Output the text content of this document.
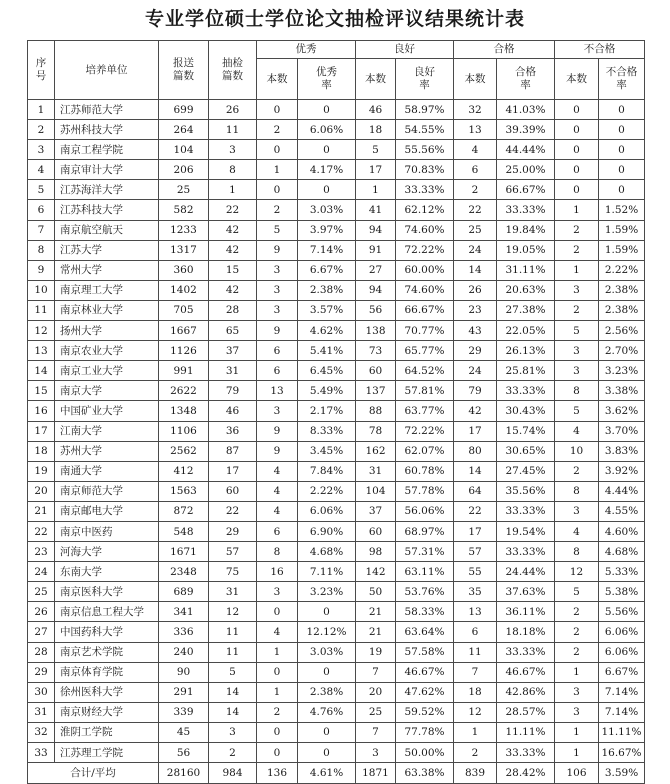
专业学位硕士学位论文抽检评议结果统计表
序号	培养单位	报送篇数	抽检篇数	优秀		良好		合格		不合格	
				本数	优秀率	本数	良好率	本数	合格率	本数	不合格率
1	江苏师范大学	699	26	0	0	46	58.97%	32	41.03%	0	0
2	苏州科技大学	264	11	2	6.06%	18	54.55%	13	39.39%	0	0
3	南京工程学院	104	3	0	0	5	55.56%	4	44.44%	0	0
4	南京审计大学	206	8	1	4.17%	17	70.83%	6	25.00%	0	0
5	江苏海洋大学	25	1	0	0	1	33.33%	2	66.67%	0	0
6	江苏科技大学	582	22	2	3.03%	41	62.12%	22	33.33%	1	1.52%
7	南京航空航天	1233	42	5	3.97%	94	74.60%	25	19.84%	2	1.59%
8	江苏大学	1317	42	9	7.14%	91	72.22%	24	19.05%	2	1.59%
9	常州大学	360	15	3	6.67%	27	60.00%	14	31.11%	1	2.22%
10	南京理工大学	1402	42	3	2.38%	94	74.60%	26	20.63%	3	2.38%
11	南京林业大学	705	28	3	3.57%	56	66.67%	23	27.38%	2	2.38%
12	扬州大学	1667	65	9	4.62%	138	70.77%	43	22.05%	5	2.56%
13	南京农业大学	1126	37	6	5.41%	73	65.77%	29	26.13%	3	2.70%
14	南京工业大学	991	31	6	6.45%	60	64.52%	24	25.81%	3	3.23%
15	南京大学	2622	79	13	5.49%	137	57.81%	79	33.33%	8	3.38%
16	中国矿业大学	1348	46	3	2.17%	88	63.77%	42	30.43%	5	3.62%
17	江南大学	1106	36	9	8.33%	78	72.22%	17	15.74%	4	3.70%
18	苏州大学	2562	87	9	3.45%	162	62.07%	80	30.65%	10	3.83%
19	南通大学	412	17	4	7.84%	31	60.78%	14	27.45%	2	3.92%
20	南京师范大学	1563	60	4	2.22%	104	57.78%	64	35.56%	8	4.44%
21	南京邮电大学	872	22	4	6.06%	37	56.06%	22	33.33%	3	4.55%
22	南京中医药	548	29	6	6.90%	60	68.97%	17	19.54%	4	4.60%
23	河海大学	1671	57	8	4.68%	98	57.31%	57	33.33%	8	4.68%
24	东南大学	2348	75	16	7.11%	142	63.11%	55	24.44%	12	5.33%
25	南京医科大学	689	31	3	3.23%	50	53.76%	35	37.63%	5	5.38%
26	南京信息工程大学	341	12	0	0	21	58.33%	13	36.11%	2	5.56%
27	中国药科大学	336	11	4	12.12%	21	63.64%	6	18.18%	2	6.06%
28	南京艺术学院	240	11	1	3.03%	19	57.58%	11	33.33%	2	6.06%
29	南京体育学院	90	5	0	0	7	46.67%	7	46.67%	1	6.67%
30	徐州医科大学	291	14	1	2.38%	20	47.62%	18	42.86%	3	7.14%
31	南京财经大学	339	14	2	4.76%	25	59.52%	12	28.57%	3	7.14%
32	淮阴工学院	45	3	0	0	7	77.78%	1	11.11%	1	11.11%
33	江苏理工学院	56	2	0	0	3	50.00%	2	33.33%	1	16.67%
合计/平均		28160	984	136	4.61%	1871	63.38%	839	28.42%	106	3.59%
